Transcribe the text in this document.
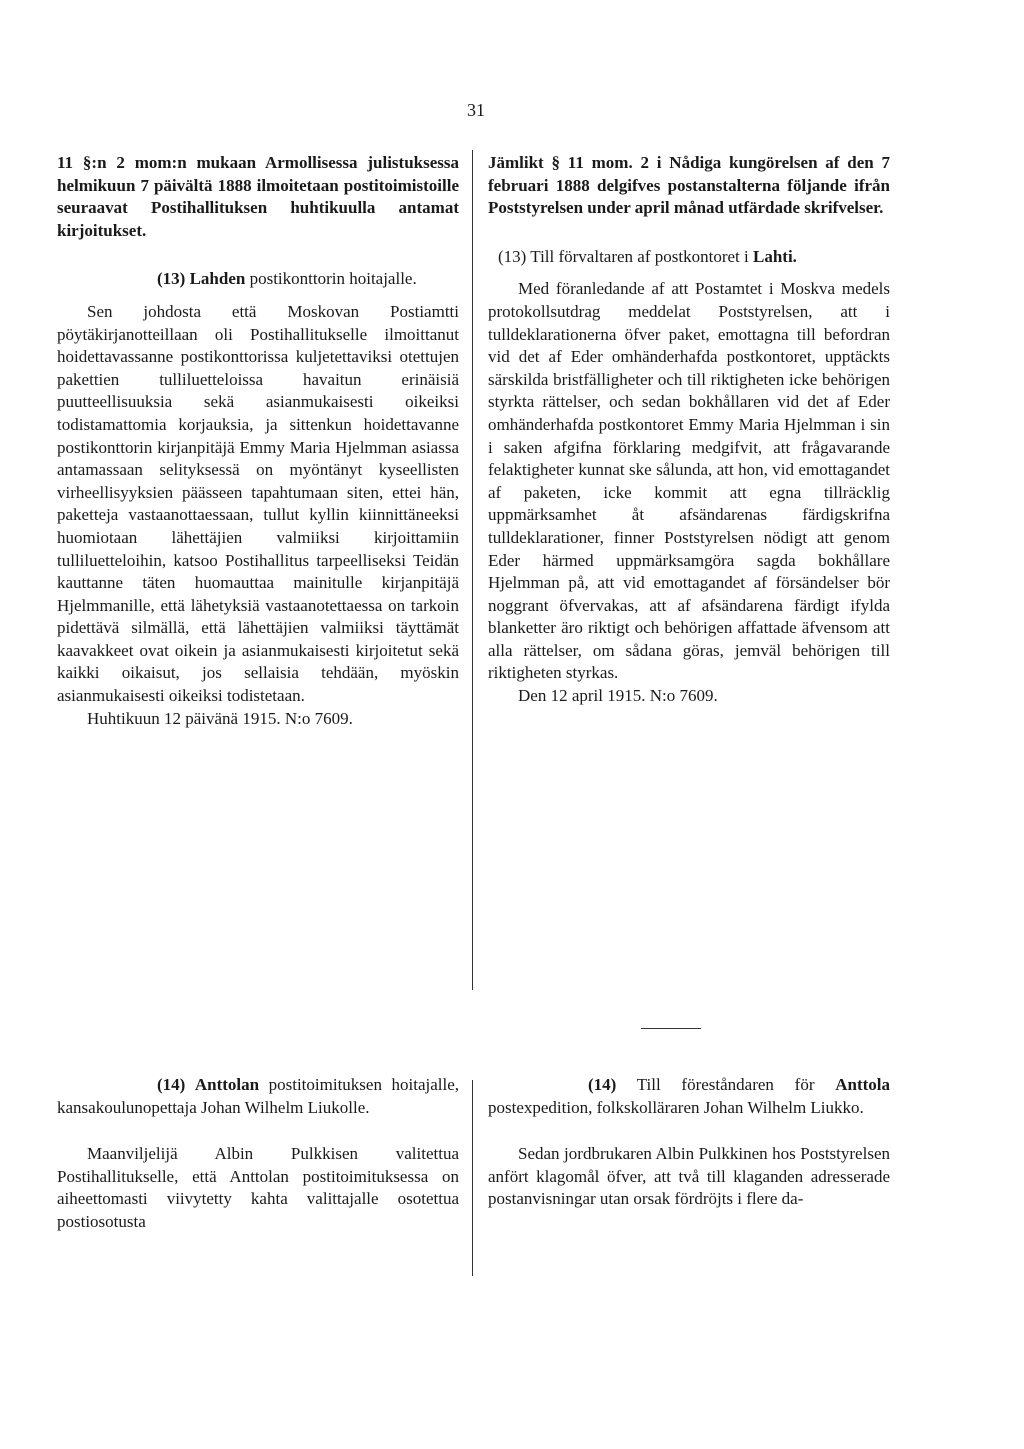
31

11 §:n 2 mom:n mukaan Armollisessa julistuksessa helmikuun 7 päivältä 1888 ilmoitetaan postitoimistoille seuraavat Postihallituksen huhtikuulla antamat kirjoitukset.

(13) Lahden postikonttorin hoitajalle.

Sen johdosta että Moskovan Postiamtti pöytäkirjanotteillaan oli Postihallitukselle ilmoittanut hoidettavassanne postikonttorissa kuljetettaviksi otettujen pakettien tulliluetteloissa havaitun erinäisiä puutteellisuuksia sekä asianmukaisesti oikeiksi todistamattomia korjauksia, ja sittenkun hoidettavanne postikonttorin kirjanpitäjä Emmy Maria Hjelmman asiassa antamassaan selityksessä on myöntänyt kyseellisten virheellisyyksien päässeen tapahtumaan siten, ettei hän, paketteja vastaanottaessaan, tullut kyllin kiinnittäneeksi huomiotaan lähettäjien valmiiksi kirjoittamiin tulliluetteloihin, katsoo Postihallitus tarpeelliseksi Teidän kauttanne täten huomauttaa mainitulle kirjanpitäjä Hjelmmanille, että lähetyksiä vastaanotettaessa on tarkoin pidettävä silmällä, että lähettäjien valmiiksi täyttämät kaavakkeet ovat oikein ja asianmukaisesti kirjoitetut sekä kaikki oikaisut, jos sellaisia tehdään, myöskin asianmukaisesti oikeiksi todistetaan.

Huhtikuun 12 päivänä 1915. N:o 7609.

Jämlikt § 11 mom. 2 i Nådiga kungörelsen af den 7 februari 1888 delgifves postanstalterna följande ifrån Poststyrelsen under april månad utfärdade skrifvelser.

(13) Till förvaltaren af postkontoret i Lahti.

Med föranledande af att Postamtet i Moskva medels protokollsutdrag meddelat Poststyrelsen, att i tulldeklarationerna öfver paket, emottagna till befordran vid det af Eder omhänderhafda postkontoret, upptäckts särskilda bristfälligheter och till riktigheten icke behörigen styrkta rättelser, och sedan bokhållaren vid det af Eder omhänderhafda postkontoret Emmy Maria Hjelmman i sin i saken afgifna förklaring medgifvit, att frågavarande felaktigheter kunnat ske sålunda, att hon, vid emottagandet af paketen, icke kommit att egna tillräcklig uppmärksamhet åt afsändarenas färdigskrifna tulldeklarationer, finner Poststyrelsen nödigt att genom Eder härmed uppmärksamgöra sagda bokhållare Hjelmman på, att vid emottagandet af försändelser bör noggrant öfvervakas, att af afsändarena färdigt ifylda blanketter äro riktigt och behörigen affattade äfvensom att alla rättelser, om sådana göras, jemväl behörigen till riktigheten styrkas.

Den 12 april 1915. N:o 7609.

(14) Anttolan postitoimituksen hoitajalle, kansakoulunopettaja Johan Wilhelm Liukolle.

Maanviljelijä Albin Pulkkisen valitettua Postihallitukselle, että Anttolan postitoimituksessa on aiheettomasti viivytetty kahta valittajalle osotettua postiosotusta

(14) Till föreståndaren för Anttola postexpedition, folkskolläraren Johan Wilhelm Liukko.

Sedan jordbrukaren Albin Pulkkinen hos Poststyrelsen anfört klagomål öfver, att två till klaganden adresserade postanvisningar utan orsak fördröjts i flere da-
